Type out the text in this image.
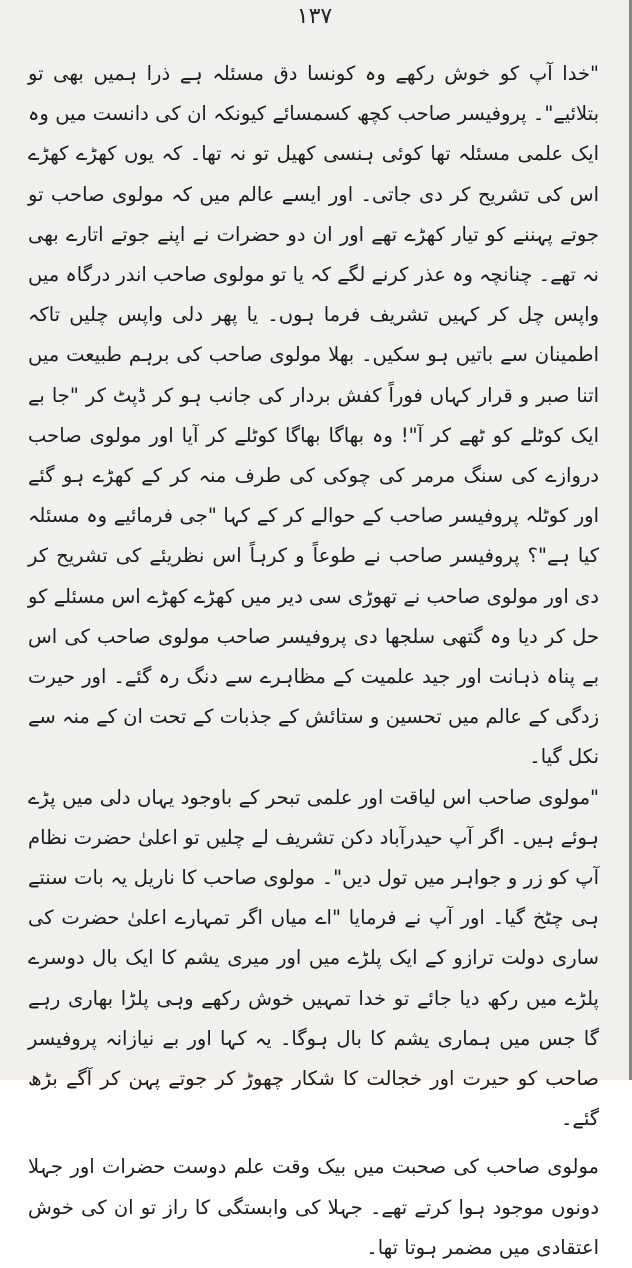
۱۳۷

"خدا آپ کو خوش رکھے وہ کونسا دق مسئلہ ہے ذرا ہمیں بھی تو بتلائیے"۔ پروفیسر صاحب کچھ کسمسائے کیونکہ ان کی دانست میں وہ ایک علمی مسئلہ تھا کوئی ہنسی کھیل تو نہ تھا۔ کہ یوں کھڑے کھڑے اس کی تشریح کر دی جاتی۔ اور ایسے عالم میں کہ مولوی صاحب تو جوتے پہننے کو تیار کھڑے تھے اور ان دو حضرات نے اپنے جوتے اتارے بھی نہ تھے۔ چنانچہ وہ عذر کرنے لگے کہ یا تو مولوی صاحب اندر درگاہ میں واپس چل کر کہیں تشریف فرما ہوں۔ یا پھر دلی واپس چلیں تاکہ اطمینان سے باتیں ہو سکیں۔ بھلا مولوی صاحب کی برہم طبیعت میں اتنا صبر و قرار کہاں فوراً کفش بردار کی جانب ہو کر ڈپٹ کر "جا بے ایک کوٹلے کو ٹھے کر آ"! وہ بھاگا بھاگا کوٹلے کر آیا اور مولوی صاحب دروازے کی سنگ مرمر کی چوکی کی طرف منہ کر کے کھڑے ہو گئے اور کوٹلہ پروفیسر صاحب کے حوالے کر کے کہا "جی فرمائیے وہ مسئلہ کیا ہے"؟ پروفیسر صاحب نے طوعاً و کرہاً اس نظریئے کی تشریح کر دی اور مولوی صاحب نے تھوڑی سی دیر میں کھڑے کھڑے اس مسئلے کو حل کر دیا وہ گتھی سلجھا دی پروفیسر صاحب مولوی صاحب کی اس بے پناہ ذہانت اور جید علمیت کے مظاہرے سے دنگ رہ گئے۔ اور حیرت زدگی کے عالم میں تحسین و ستائش کے جذبات کے تحت ان کے منہ سے نکل گیا۔

"مولوی صاحب اس لیاقت اور علمی تبحر کے باوجود یہاں دلی میں پڑے ہوئے ہیں۔ اگر آپ حیدرآباد دکن تشریف لے چلیں تو اعلیٰ حضرت نظام آپ کو زر و جواہر میں تول دیں"۔ مولوی صاحب کا ناریل یہ بات سنتے ہی چٹخ گیا۔ اور آپ نے فرمایا "اے میاں اگر تمہارے اعلیٰ حضرت کی ساری دولت ترازو کے ایک پلڑے میں اور میری یشم کا ایک بال دوسرے پلڑے میں رکھ دیا جائے تو خدا تمہیں خوش رکھے وہی پلڑا بھاری رہے گا جس میں ہماری یشم کا بال ہوگا۔ یہ کہا اور بے نیازانہ پروفیسر صاحب کو حیرت اور خجالت کا شکار چھوڑ کر جوتے پہن کر آگے بڑھ گئے۔

مولوی صاحب کی صحبت میں بیک وقت علم دوست حضرات اور جہلا دونوں موجود ہوا کرتے تھے۔ جہلا کی وابستگی کا راز تو ان کی خوش اعتقادی میں مضمر ہوتا تھا۔
